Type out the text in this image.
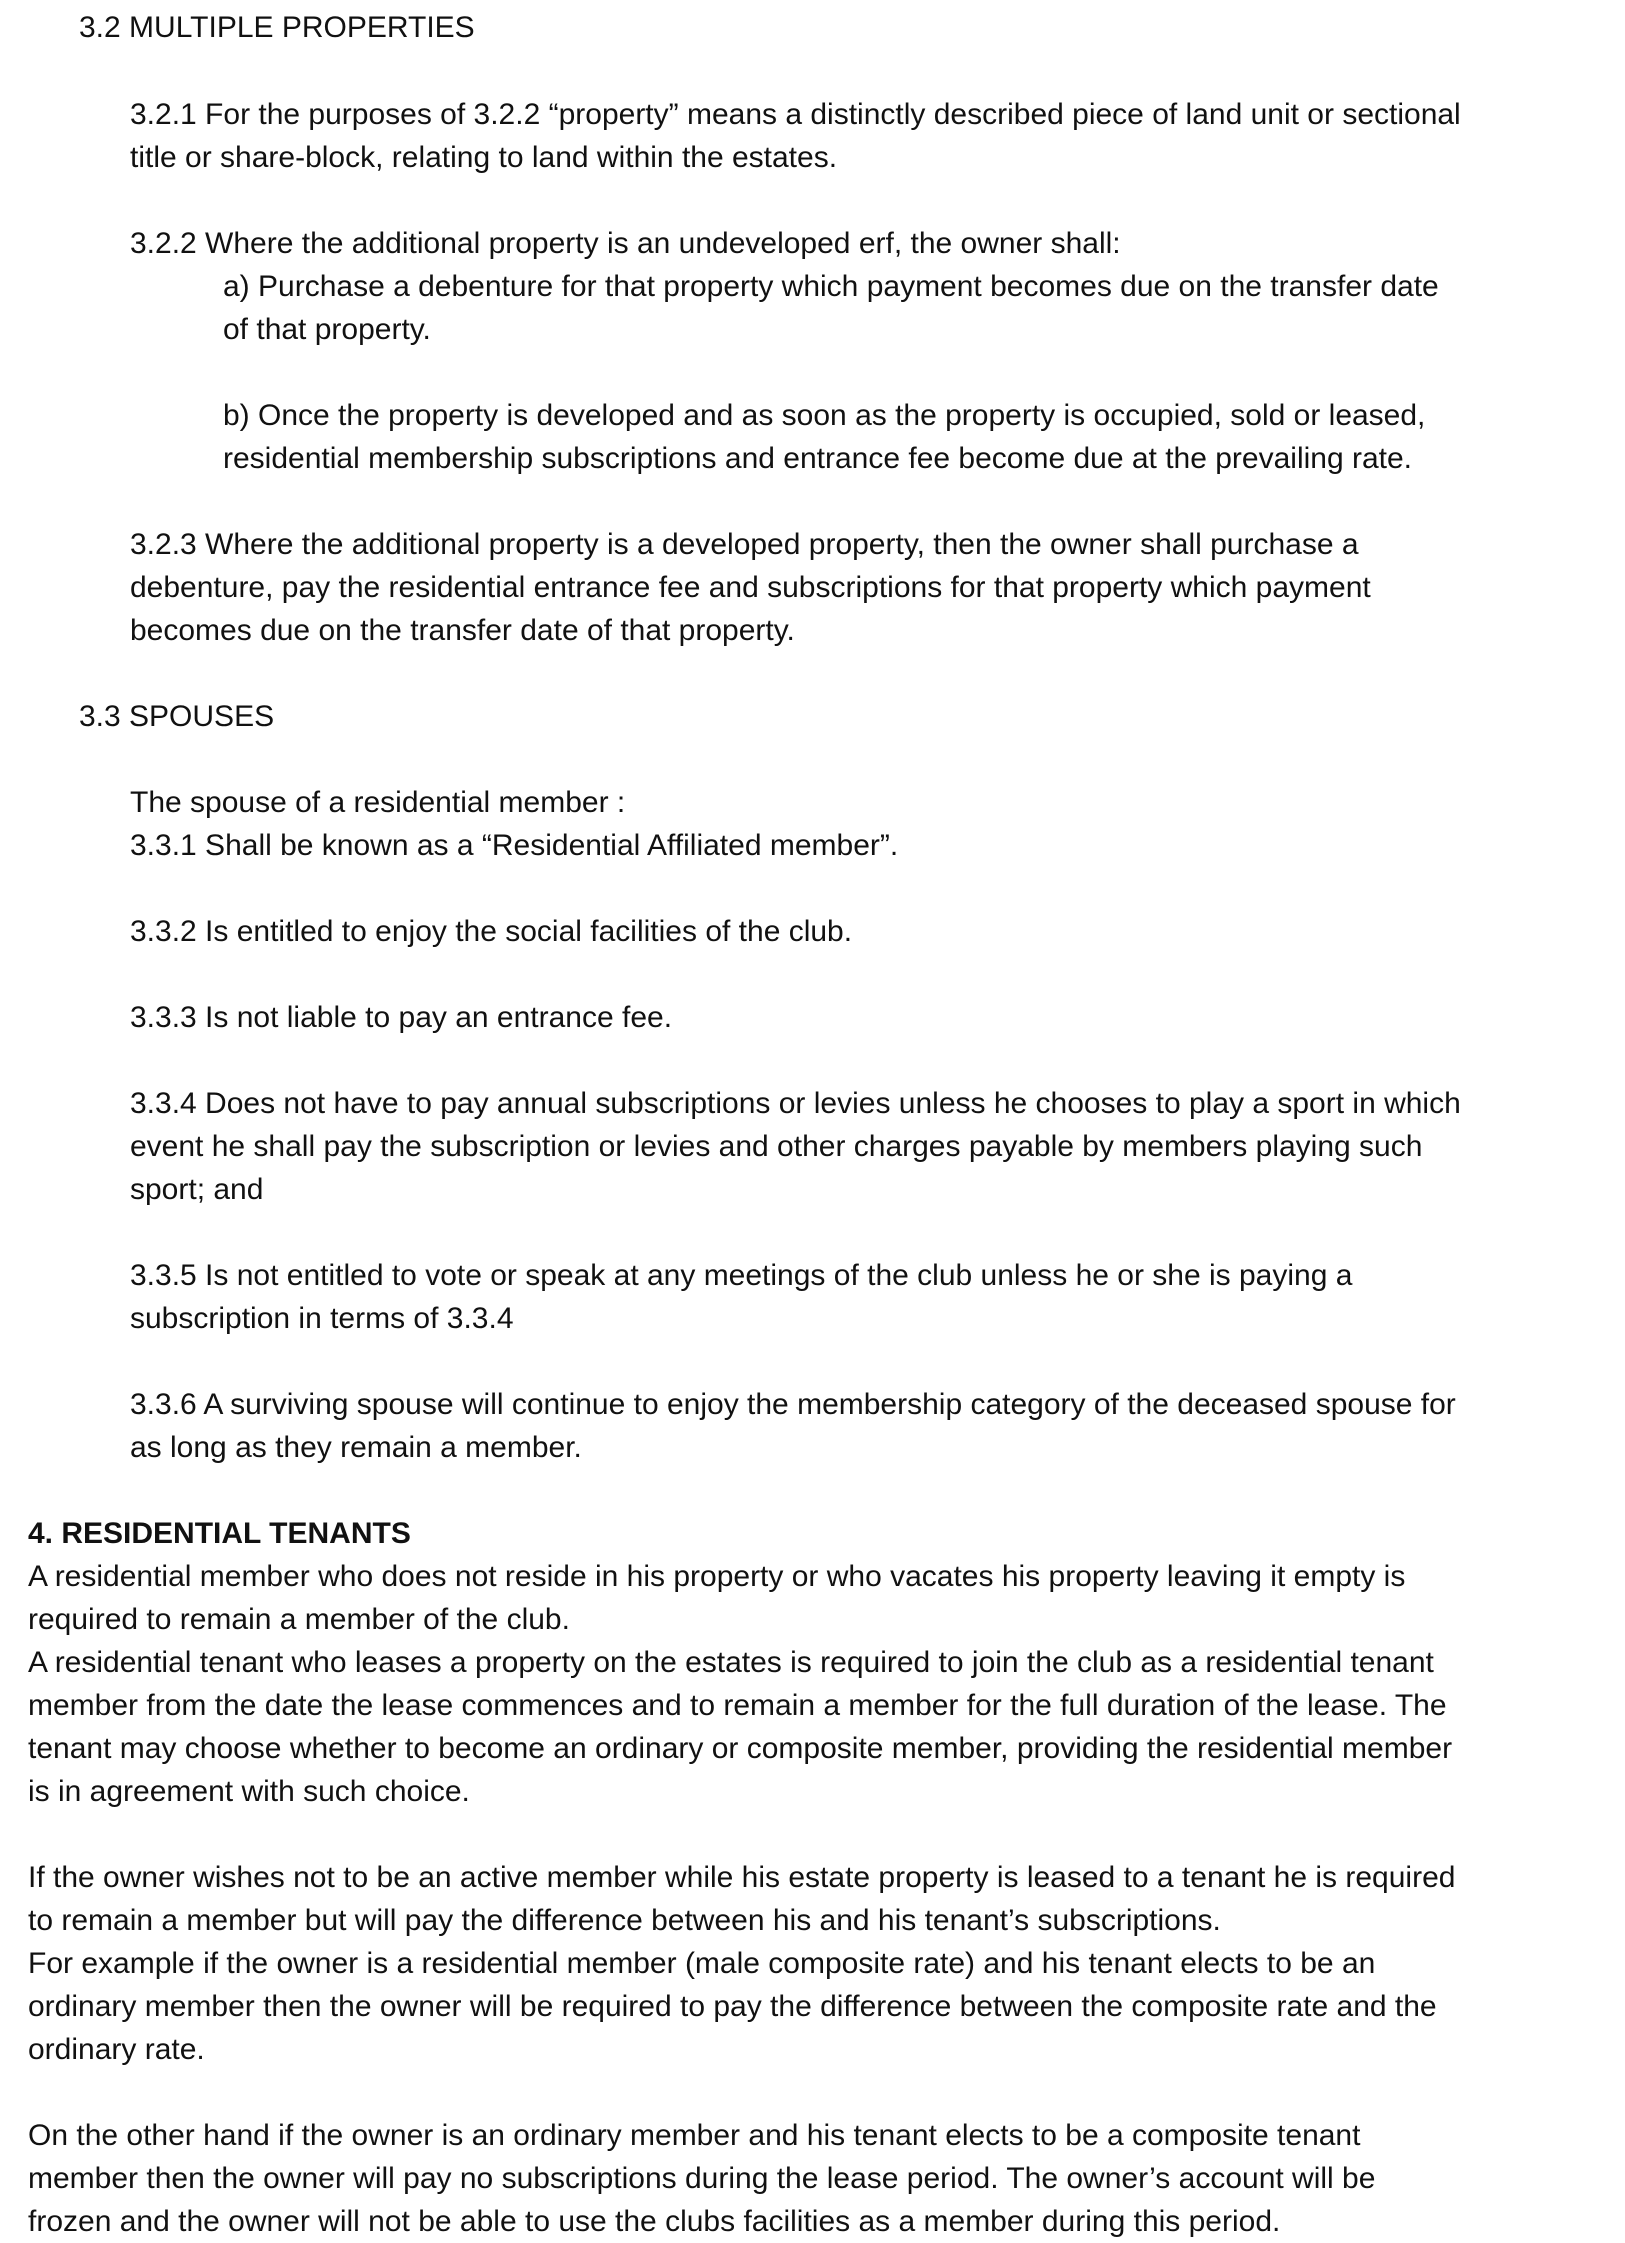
3.2 MULTIPLE PROPERTIES
3.2.1 For the purposes of 3.2.2 “property” means a distinctly described piece of land unit or sectional
title or share-block, relating to land within the estates.
3.2.2 Where the additional property is an undeveloped erf, the owner shall:
a) Purchase a debenture for that property which payment becomes due on the transfer date
of that property.
b) Once the property is developed and as soon as the property is occupied, sold or leased,
residential membership subscriptions and entrance fee become due at the prevailing rate.
3.2.3 Where the additional property is a developed property, then the owner shall purchase a
debenture, pay the residential entrance fee and subscriptions for that property which payment
becomes due on the transfer date of that property.
3.3 SPOUSES
The spouse of a residential member :
3.3.1 Shall be known as a “Residential Affiliated member”.
3.3.2 Is entitled to enjoy the social facilities of the club.
3.3.3 Is not liable to pay an entrance fee.
3.3.4 Does not have to pay annual subscriptions or levies unless he chooses to play a sport in which
event he shall pay the subscription or levies and other charges payable by members playing such
sport; and
3.3.5 Is not entitled to vote or speak at any meetings of the club unless he or she is paying a
subscription in terms of 3.3.4
3.3.6 A surviving spouse will continue to enjoy the membership category of the deceased spouse for
as long as they remain a member.
4. RESIDENTIAL TENANTS
A residential member who does not reside in his property or who vacates his property leaving it empty is
required to remain a member of the club.
A residential tenant who leases a property on the estates is required to join the club as a residential tenant
member from the date the lease commences and to remain a member for the full duration of the lease. The
tenant may choose whether to become an ordinary or composite member, providing the residential member
is in agreement with such choice.
If the owner wishes not to be an active member while his estate property is leased to a tenant he is required
to remain a member but will pay the difference between his and his tenant’s subscriptions.
For example if the owner is a residential member (male composite rate) and his tenant elects to be an
ordinary member then the owner will be required to pay the difference between the composite rate and the
ordinary rate.
On the other hand if the owner is an ordinary member and his tenant elects to be a composite tenant
member then the owner will pay no subscriptions during the lease period. The owner’s account will be
frozen and the owner will not be able to use the clubs facilities as a member during this period.
